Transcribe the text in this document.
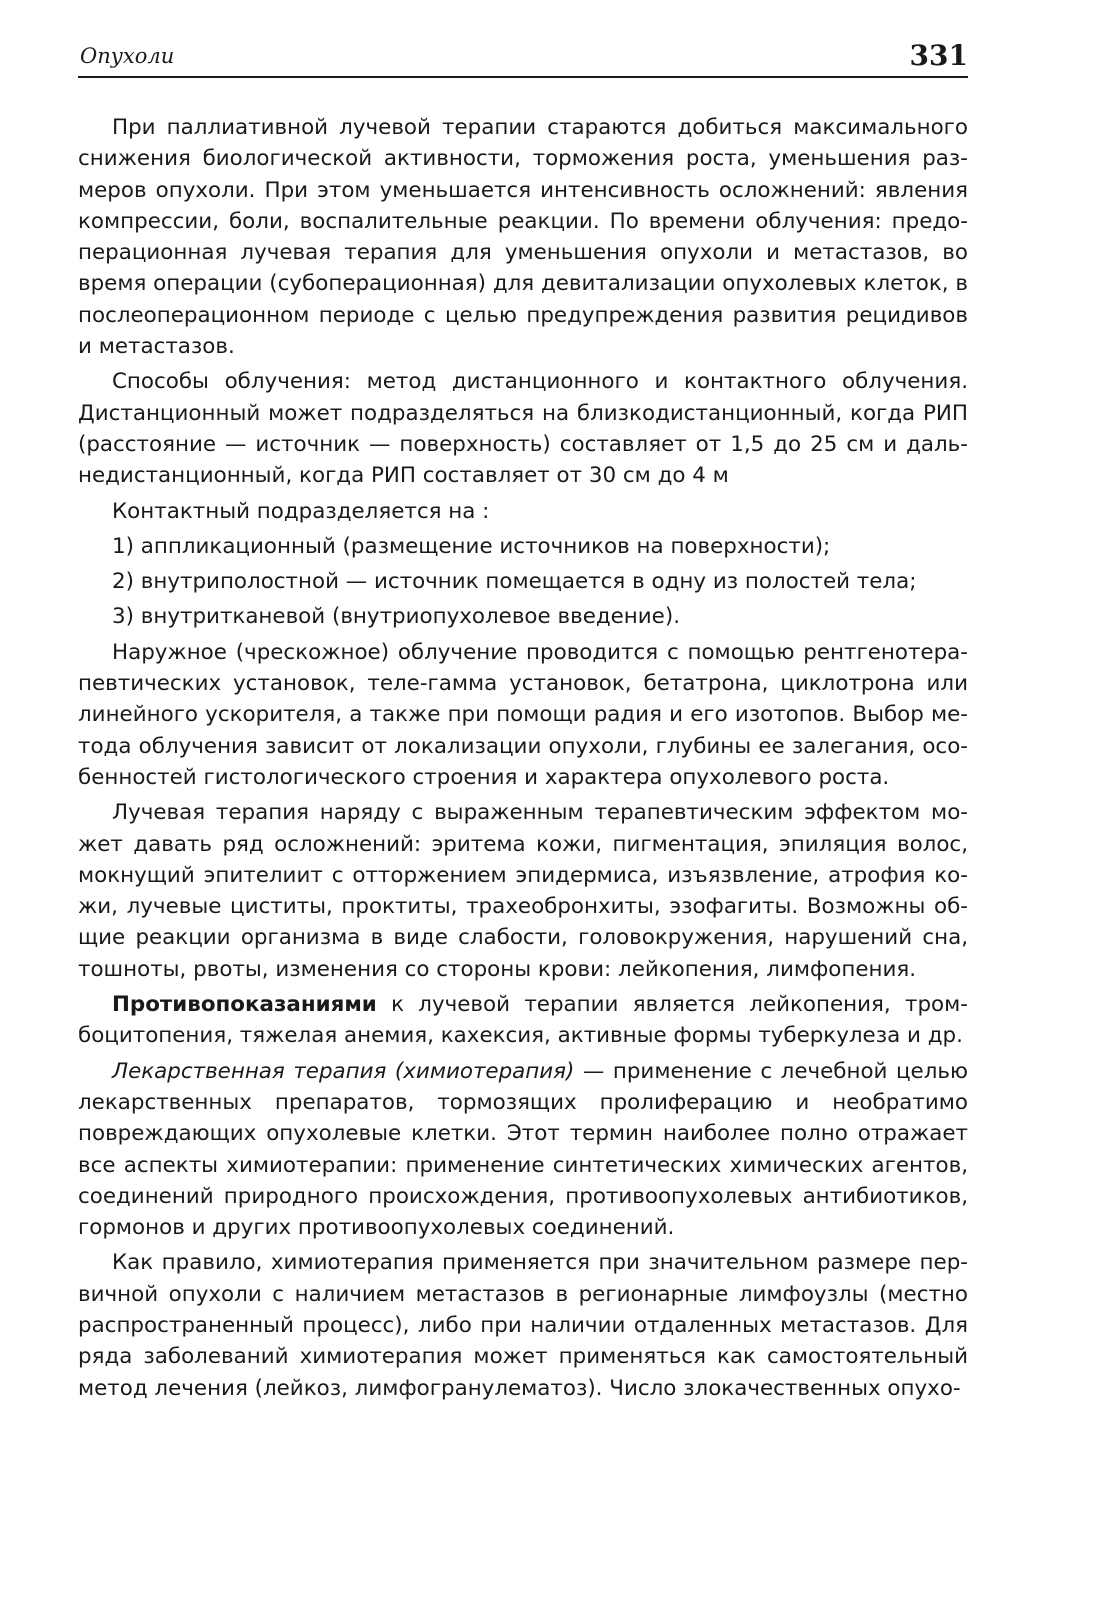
Опухоли	331

При паллиативной лучевой терапии стараются добиться максимального снижения биологической активности, торможения роста, уменьшения размеров опухоли. При этом уменьшается интенсивность осложнений: явления компрессии, боли, воспалительные реакции. По времени облучения: предоперационная лучевая терапия для уменьшения опухоли и метастазов, во время операции (субоперационная) для девитализации опухолевых клеток, в послеоперационном периоде с целью предупреждения развития рецидивов и метастазов.

Способы облучения: метод дистанционного и контактного облучения. Дистанционный может подразделяться на близкодистанционный, когда РИП (расстояние — источник — поверхность) составляет от 1,5 до 25 см и дальнедистанционный, когда РИП составляет от 30 см до 4 м

Контактный подразделяется на :

1) аппликационный (размещение источников на поверхности);

2) внутриполостной — источник помещается в одну из полостей тела;

3) внутритканевой (внутриопухолевое введение).

Наружное (чрескожное) облучение проводится с помощью рентгенотерапевтических установок, теле-гамма установок, бетатрона, циклотрона или линейного ускорителя, а также при помощи радия и его изотопов. Выбор метода облучения зависит от локализации опухоли, глубины ее залегания, особенностей гистологического строения и характера опухолевого роста.

Лучевая терапия наряду с выраженным терапевтическим эффектом может давать ряд осложнений: эритема кожи, пигментация, эпиляция волос, мокнущий эпителиит с отторжением эпидермиса, изъязвление, атрофия кожи, лучевые циститы, проктиты, трахеобронхиты, эзофагиты. Возможны общие реакции организма в виде слабости, головокружения, нарушений сна, тошноты, рвоты, изменения со стороны крови: лейкопения, лимфопения.

Противопоказаниями к лучевой терапии является лейкопения, тромбоцитопения, тяжелая анемия, кахексия, активные формы туберкулеза и др.

Лекарственная терапия (химиотерапия) — применение с лечебной целью лекарственных препаратов, тормозящих пролиферацию и необратимо повреждающих опухолевые клетки. Этот термин наиболее полно отражает все аспекты химиотерапии: применение синтетических химических агентов, соединений природного происхождения, противоопухолевых антибиотиков, гормонов и других противоопухолевых соединений.

Как правило, химиотерапия применяется при значительном размере первичной опухоли с наличием метастазов в регионарные лимфоузлы (местно распространенный процесс), либо при наличии отдаленных метастазов. Для ряда заболеваний химиотерапия может применяться как самостоятельный метод лечения (лейкоз, лимфогранулематоз). Число злокачественных опухо-
